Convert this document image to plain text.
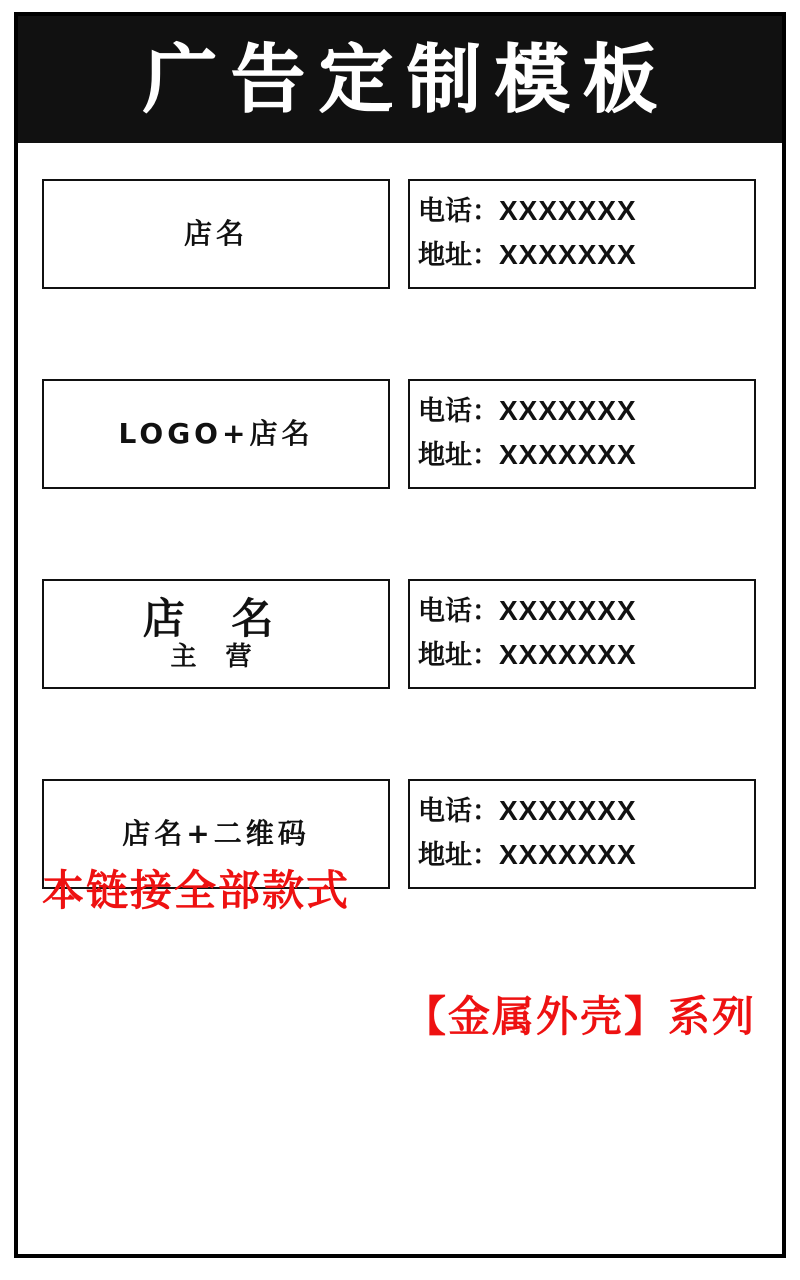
广告定制模板
店名
电话：XXXXXXX
地址：XXXXXXX
LOGO+店名
电话：XXXXXXX
地址：XXXXXXX
店 名
主 营
电话：XXXXXXX
地址：XXXXXXX
店名+二维码
电话：XXXXXXX
地址：XXXXXXX
本链接全部款式
【金属外壳】系列
